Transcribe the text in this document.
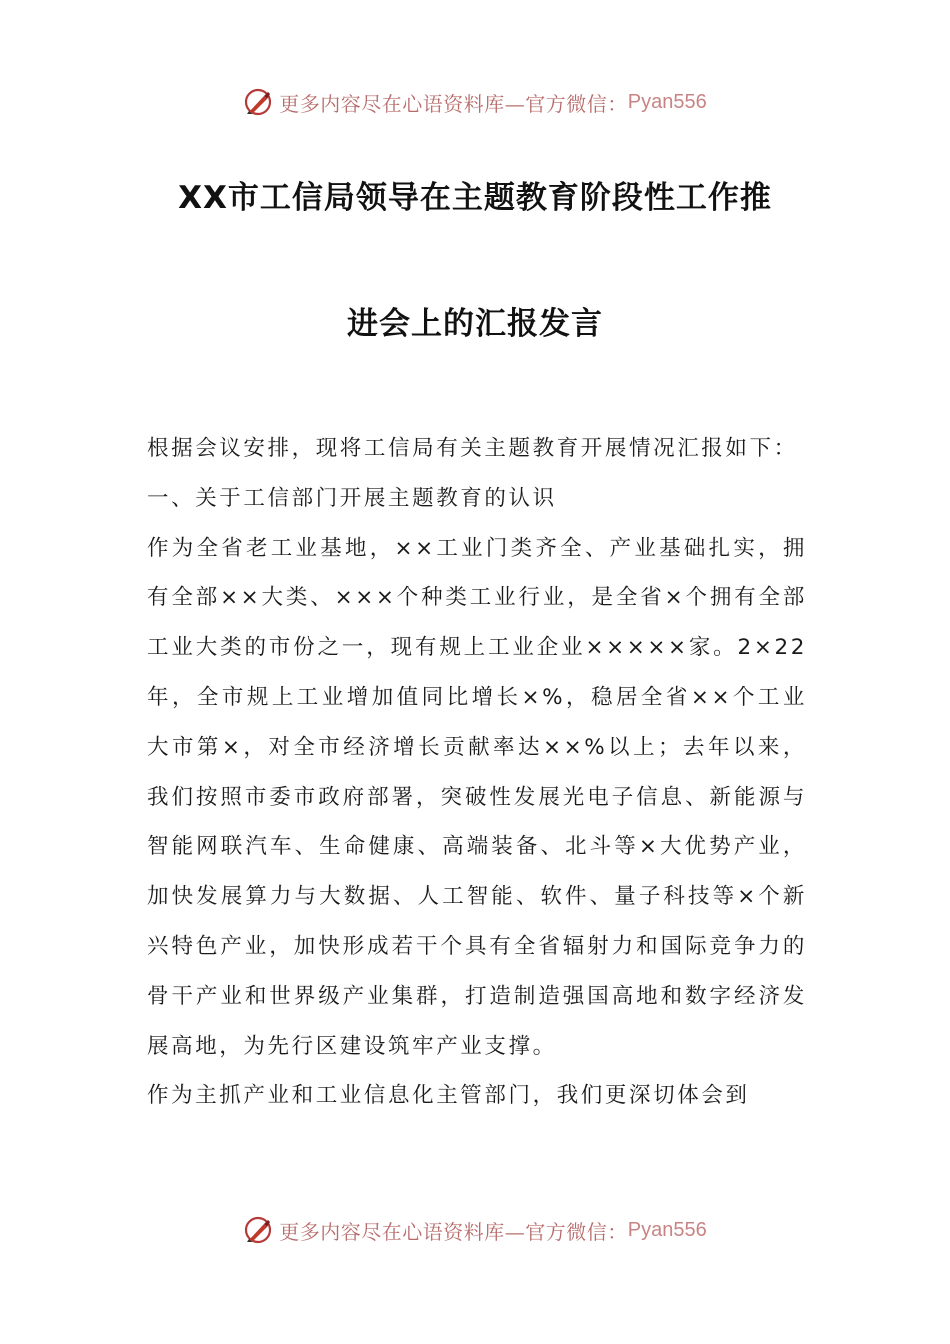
更多内容尽在心语资料库—官方微信： Pyan556
XX市工信局领导在主题教育阶段性工作推
进会上的汇报发言

根据会议安排，现将工信局有关主题教育开展情况汇报如下：

一、关于工信部门开展主题教育的认识

作为全省老工业基地，××工业门类齐全、产业基础扎实，拥有全部××大类、×××个种类工业行业，是全省×个拥有全部工业大类的市份之一，现有规上工业企业×××××家。2×22年，全市规上工业增加值同比增长×%，稳居全省××个工业大市第×，对全市经济增长贡献率达××%以上；去年以来，我们按照市委市政府部署，突破性发展光电子信息、新能源与智能网联汽车、生命健康、高端装备、北斗等×大优势产业，加快发展算力与大数据、人工智能、软件、量子科技等×个新兴特色产业，加快形成若干个具有全省辐射力和国际竞争力的骨干产业和世界级产业集群，打造制造强国高地和数字经济发展高地，为先行区建设筑牢产业支撑。

作为主抓产业和工业信息化主管部门，我们更深切体会到

更多内容尽在心语资料库—官方微信： Pyan556
